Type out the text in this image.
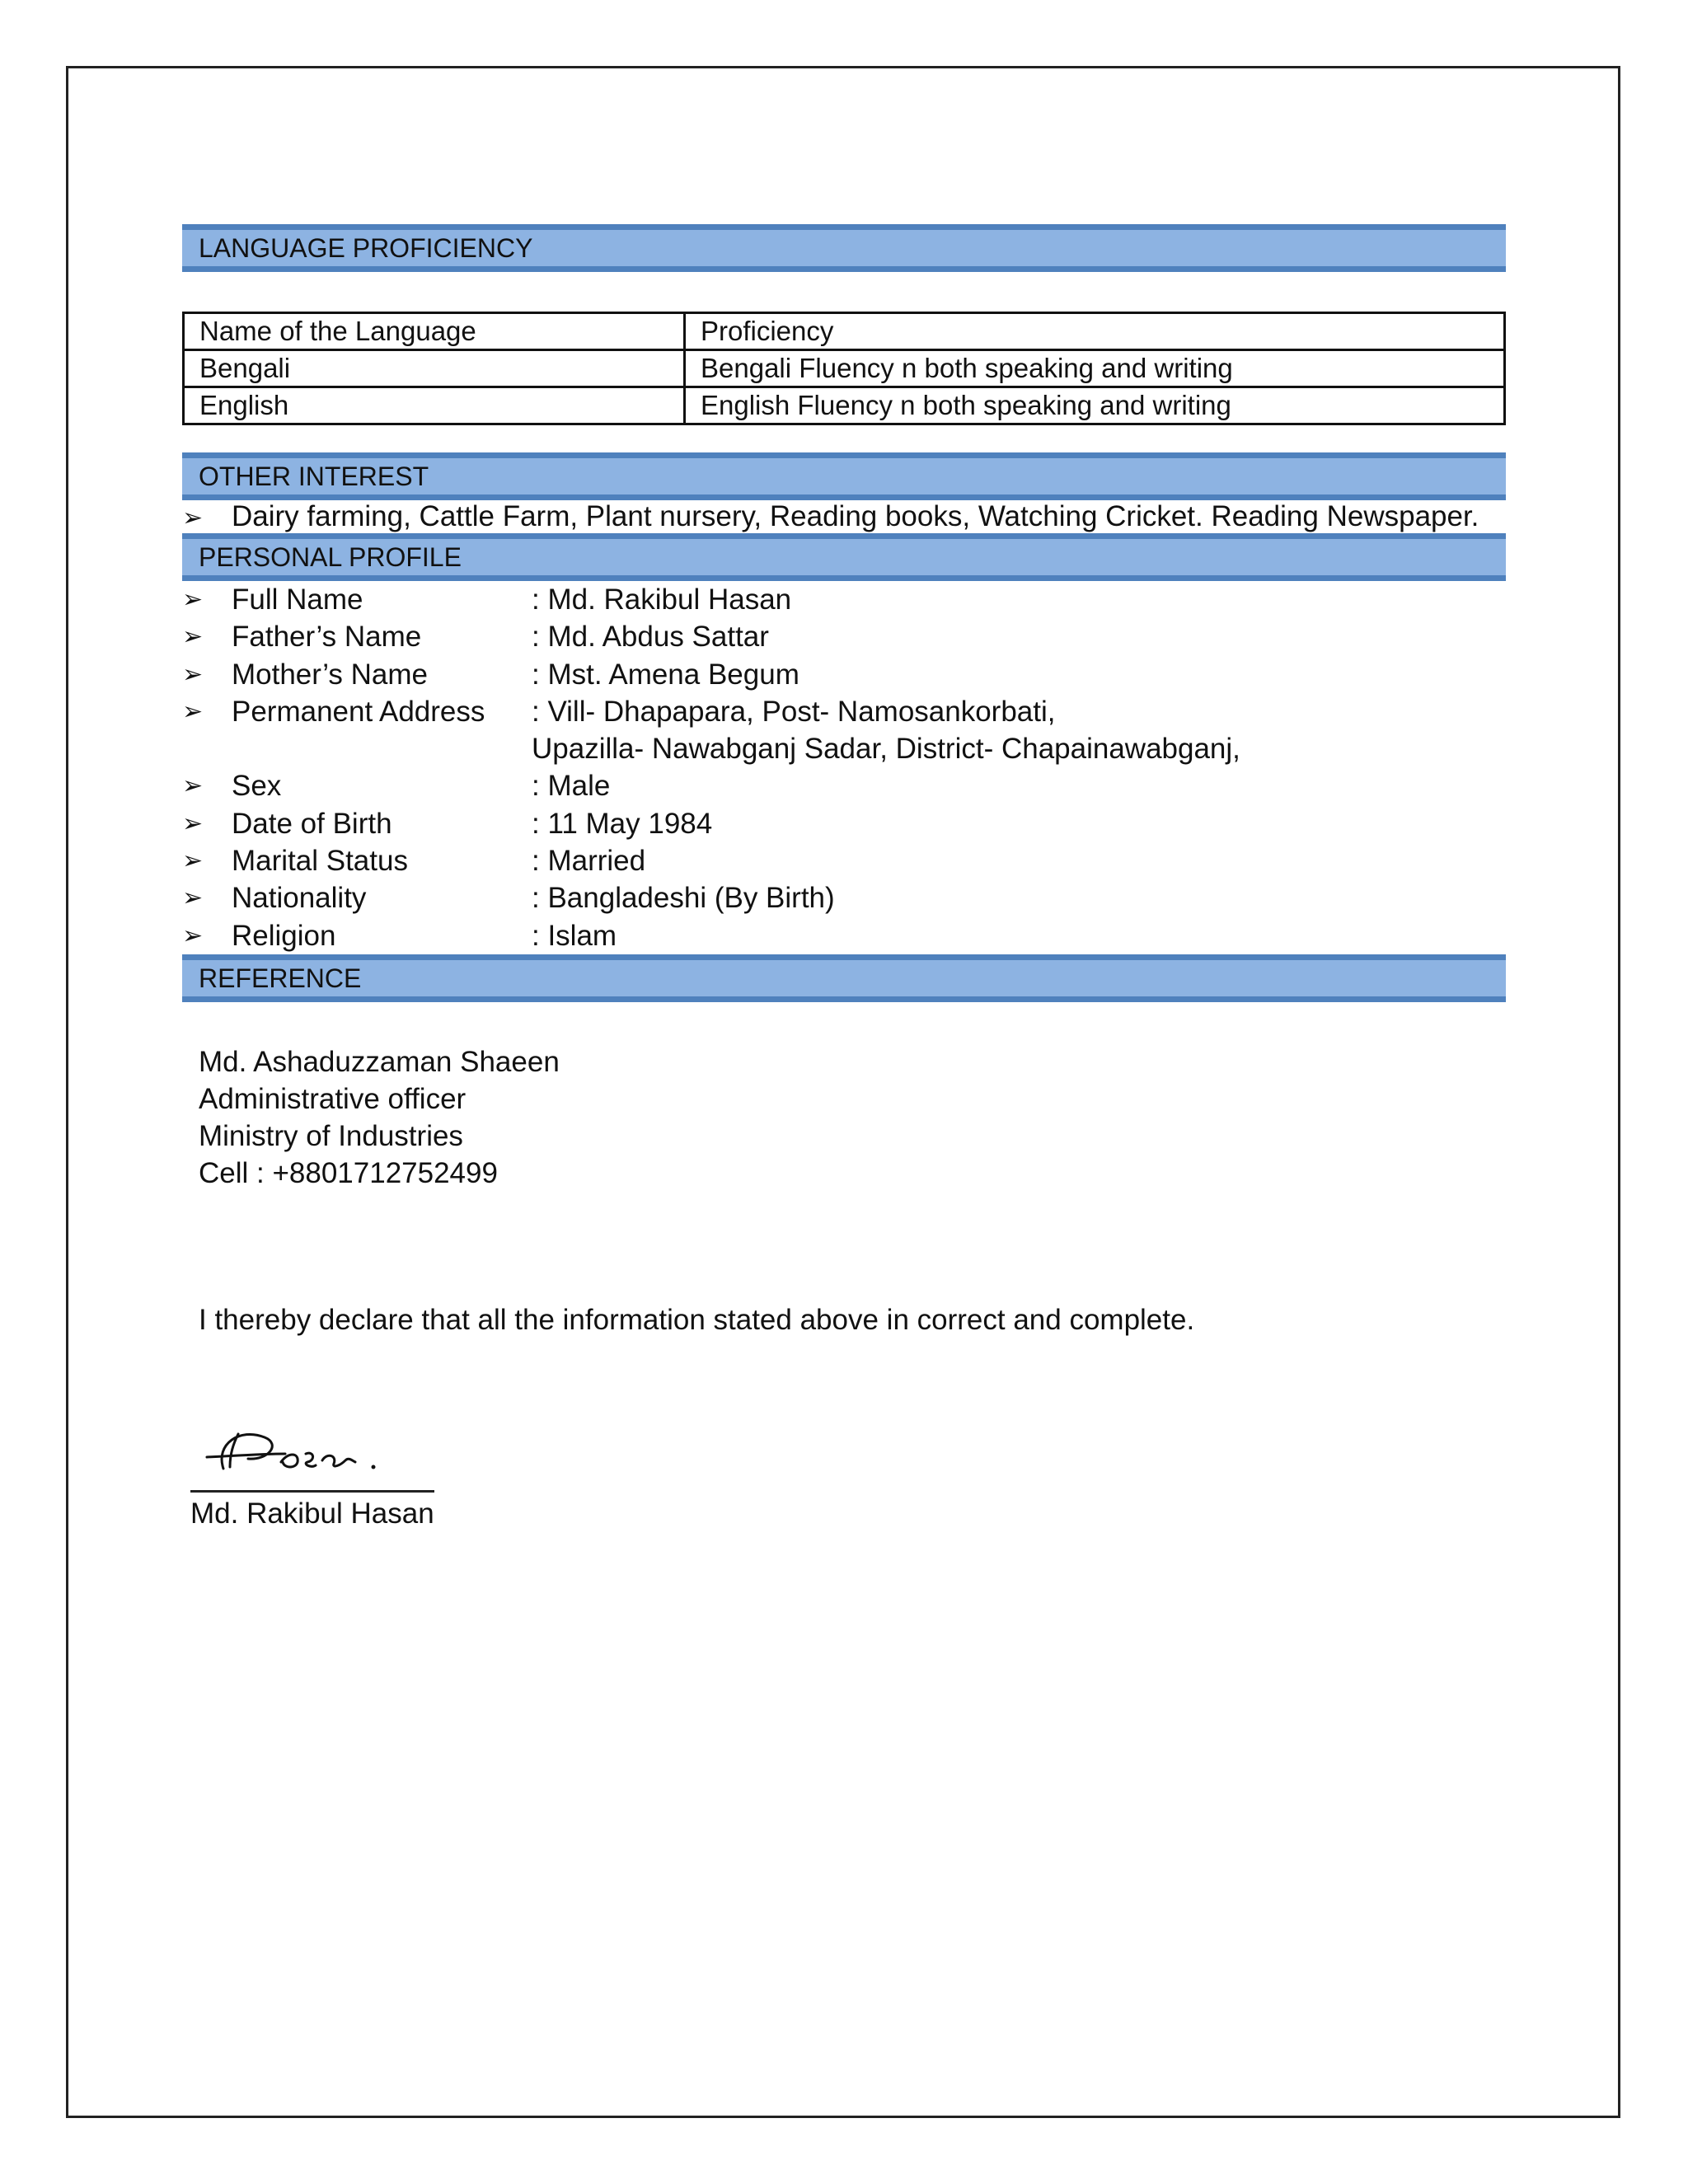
LANGUAGE PROFICIENCY
Name of the Language	Proficiency
Bengali	Bengali Fluency n both speaking and writing
English	English Fluency n both speaking and writing
OTHER INTEREST
➢ Dairy farming, Cattle Farm, Plant nursery, Reading books, Watching Cricket. Reading Newspaper.
PERSONAL PROFILE
➢ Full Name	: Md. Rakibul Hasan
➢ Father’s Name	: Md. Abdus Sattar
➢ Mother’s Name	: Mst. Amena Begum
➢ Permanent Address	: Vill- Dhapapara, Post- Namosankorbati,
Upazilla- Nawabganj Sadar, District- Chapainawabganj,
➢ Sex	: Male
➢ Date of Birth	: 11 May 1984
➢ Marital Status	: Married
➢ Nationality	: Bangladeshi (By Birth)
➢ Religion	: Islam
REFERENCE
Md. Ashaduzzaman Shaeen
Administrative officer
Ministry of Industries
Cell : +8801712752499
I thereby declare that all the information stated above in correct and complete.
Md. Rakibul Hasan
